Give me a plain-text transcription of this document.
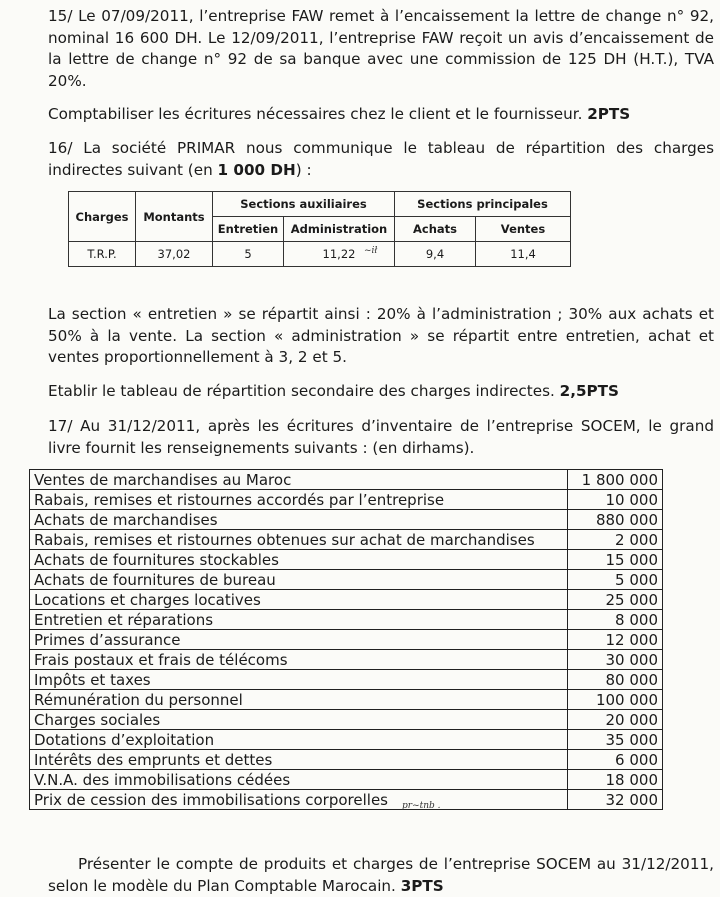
15/ Le 07/09/2011, l’entreprise FAW remet à l’encaissement la lettre de change n° 92, nominal 16 600 DH. Le 12/09/2011, l’entreprise FAW reçoit un avis d’encaissement de la lettre de change n° 92 de sa banque avec une commission de 125 DH (H.T.), TVA 20%.

Comptabiliser les écritures nécessaires chez le client et le fournisseur. 2PTS

16/ La société PRIMAR nous communique le tableau de répartition des charges indirectes suivant (en 1 000 DH) :

Charges	Montants	Sections auxiliaires		Sections principales	
		Entretien	Administration	Achats	Ventes
T.R.P.	37,02	5	11,22 ~ił	9,4	11,4

La section « entretien » se répartit ainsi : 20% à l’administration ; 30% aux achats et 50% à la vente. La section « administration » se répartit entre entretien, achat et ventes proportionnellement à 3, 2 et 5.

Etablir le tableau de répartition secondaire des charges indirectes. 2,5PTS

17/ Au 31/12/2011, après les écritures d’inventaire de l’entreprise SOCEM, le grand livre fournit les renseignements suivants : (en dirhams).

Ventes de marchandises au Maroc	1 800 000
Rabais, remises et ristournes accordés par l’entreprise	10 000
Achats de marchandises	880 000
Rabais, remises et ristournes obtenues sur achat de marchandises	2 000
Achats de fournitures stockables	15 000
Achats de fournitures de bureau	5 000
Locations et charges locatives	25 000
Entretien et réparations	8 000
Primes d’assurance	12 000
Frais postaux et frais de télécoms	30 000
Impôts et taxes	80 000
Rémunération du personnel	100 000
Charges sociales	20 000
Dotations d’exploitation	35 000
Intérêts des emprunts et dettes	6 000
V.N.A. des immobilisations cédées	18 000
Prix de cession des immobilisations corporelles	32 000
pr~tnb .

Présenter le compte de produits et charges de l’entreprise SOCEM au 31/12/2011, selon le modèle du Plan Comptable Marocain. 3PTS
